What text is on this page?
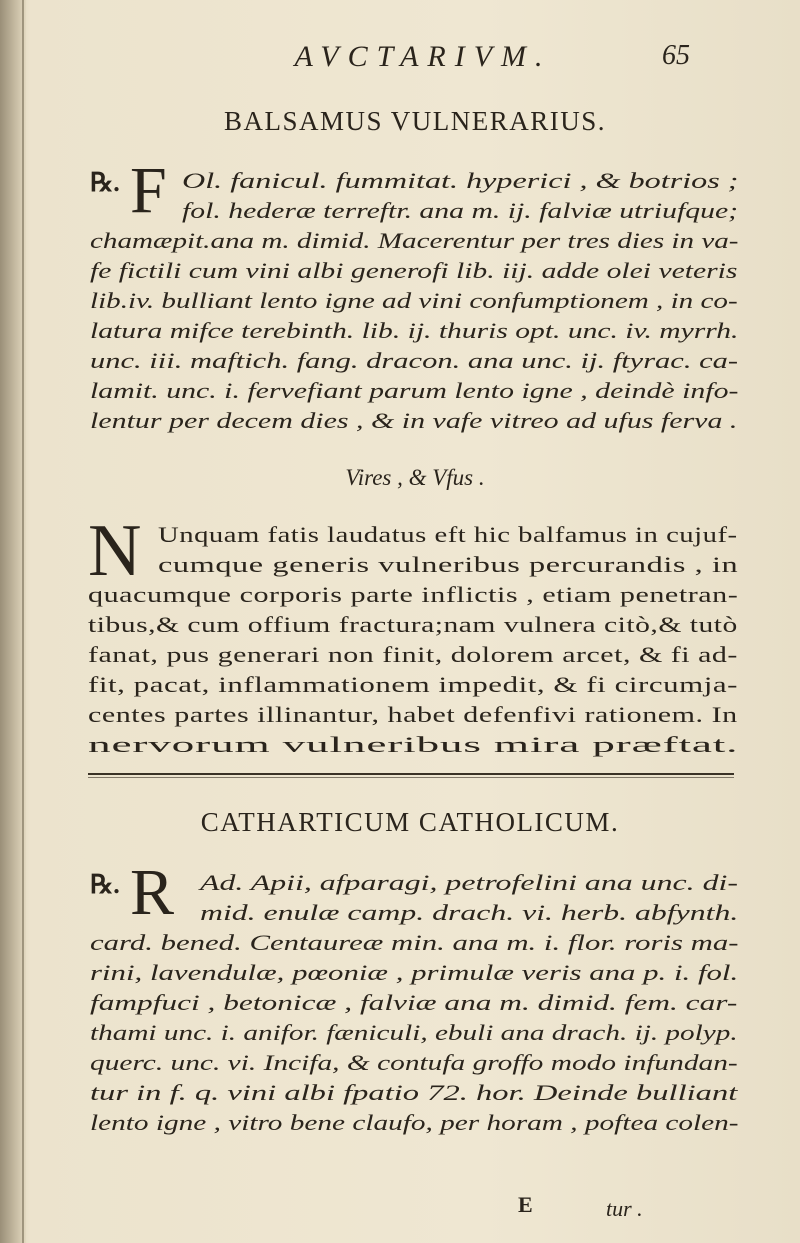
AVCTARIVM.	65
BALSAMUS VULNERARIUS.
℞. F Ol. fanicul. fummitat. hyperici , & botrios ;
fol. hederæ terreftr. ana m. ij. falviæ utriufque;
chamæpit.ana m. dimid. Macerentur per tres dies in va-
fe fictili cum vini albi generofi lib. iij. adde olei veteris
lib.iv. bulliant lento igne ad vini confumptionem , in co-
latura mifce terebinth. lib. ij. thuris opt. unc. iv. myrrh.
unc. iii. maftich. fang. dracon. ana unc. ij. ftyrac. ca-
lamit. unc. i. fervefiant parum lento igne , deindè info-
lentur per decem dies , & in vafe vitreo ad ufus ferva .
Vires , & Vfus .
N Unquam fatis laudatus eft hic balfamus in cujuf-
cumque generis vulneribus percurandis , in
quacumque corporis parte inflictis , etiam penetran-
tibus,& cum offium fractura;nam vulnera citò,& tutò
fanat, pus generari non finit, dolorem arcet, & fi ad-
fit, pacat, inflammationem impedit, & fi circumja-
centes partes illinantur, habet defenfivi rationem. In
nervorum vulneribus mira præftat.
CATHARTICUM CATHOLICUM.
℞. R Ad. Apii, afparagi, petrofelini ana unc. di-
mid. enulæ camp. drach. vi. herb. abfynth.
card. bened. Centaureæ min. ana m. i. flor. roris ma-
rini, lavendulæ, pœoniæ , primulæ veris ana p. i. fol.
fampfuci , betonicæ , falviæ ana m. dimid. fem. car-
thami unc. i. anifor. fæniculi, ebuli ana drach. ij. polyp.
querc. unc. vi. Incifa, & contufa groffo modo infundan-
tur in f. q. vini albi fpatio 72. hor. Deinde bulliant
lento igne , vitro bene claufo, per horam , poftea colen-
E	tur .
